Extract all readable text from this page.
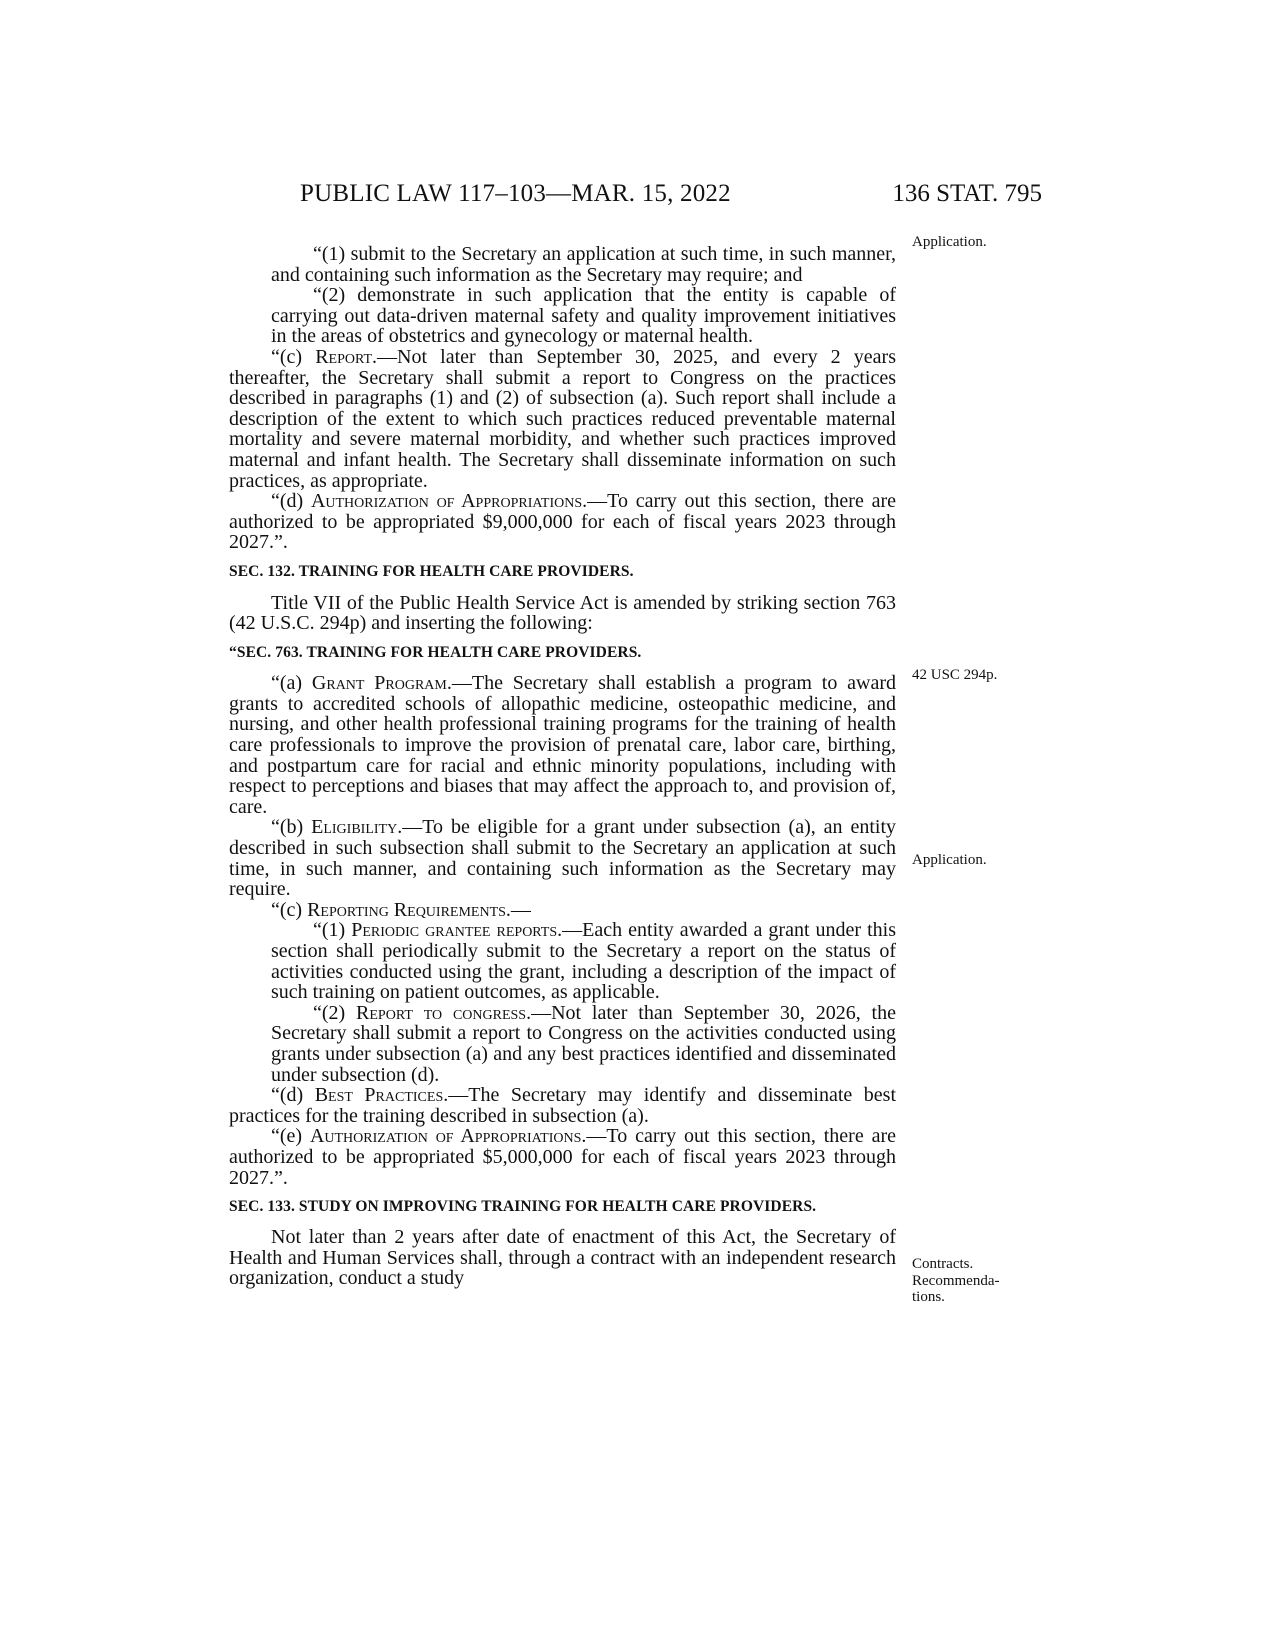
PUBLIC LAW 117–103—MAR. 15, 2022	136 STAT. 795
Application.
42 USC 294p.
Application.
Contracts.
Recommenda-
tions.

“(1) submit to the Secretary an application at such time, in such manner, and containing such information as the Secretary may require; and

“(2) demonstrate in such application that the entity is capable of carrying out data-driven maternal safety and quality improvement initiatives in the areas of obstetrics and gynecology or maternal health.

“(c) Report.—Not later than September 30, 2025, and every 2 years thereafter, the Secretary shall submit a report to Congress on the practices described in paragraphs (1) and (2) of subsection (a). Such report shall include a description of the extent to which such practices reduced preventable maternal mortality and severe maternal morbidity, and whether such practices improved maternal and infant health. The Secretary shall disseminate information on such practices, as appropriate.

“(d) Authorization of Appropriations.—To carry out this section, there are authorized to be appropriated $9,000,000 for each of fiscal years 2023 through 2027.”.

SEC. 132. TRAINING FOR HEALTH CARE PROVIDERS.

Title VII of the Public Health Service Act is amended by striking section 763 (42 U.S.C. 294p) and inserting the following:

“SEC. 763. TRAINING FOR HEALTH CARE PROVIDERS.

“(a) Grant Program.—The Secretary shall establish a program to award grants to accredited schools of allopathic medicine, osteopathic medicine, and nursing, and other health professional training programs for the training of health care professionals to improve the provision of prenatal care, labor care, birthing, and postpartum care for racial and ethnic minority populations, including with respect to perceptions and biases that may affect the approach to, and provision of, care.

“(b) Eligibility.—To be eligible for a grant under subsection (a), an entity described in such subsection shall submit to the Secretary an application at such time, in such manner, and containing such information as the Secretary may require.

“(c) Reporting Requirements.—

“(1) Periodic grantee reports.—Each entity awarded a grant under this section shall periodically submit to the Secretary a report on the status of activities conducted using the grant, including a description of the impact of such training on patient outcomes, as applicable.

“(2) Report to congress.—Not later than September 30, 2026, the Secretary shall submit a report to Congress on the activities conducted using grants under subsection (a) and any best practices identified and disseminated under subsection (d).

“(d) Best Practices.—The Secretary may identify and disseminate best practices for the training described in subsection (a).

“(e) Authorization of Appropriations.—To carry out this section, there are authorized to be appropriated $5,000,000 for each of fiscal years 2023 through 2027.”.

SEC. 133. STUDY ON IMPROVING TRAINING FOR HEALTH CARE PROVIDERS.

Not later than 2 years after date of enactment of this Act, the Secretary of Health and Human Services shall, through a contract with an independent research organization, conduct a study
